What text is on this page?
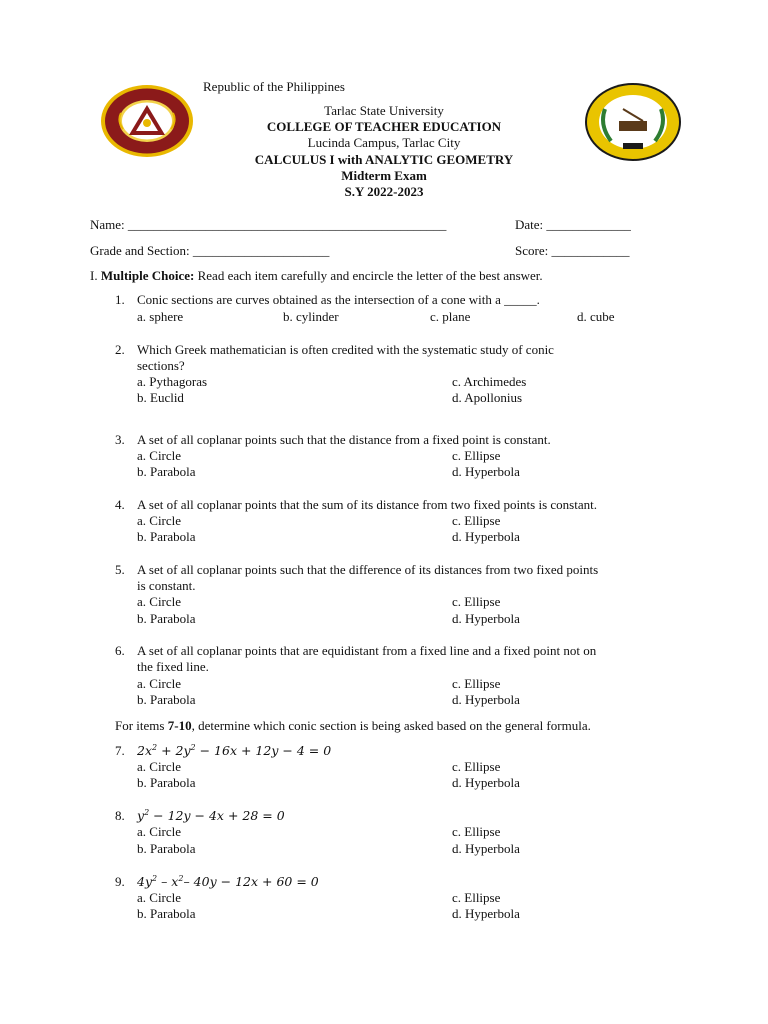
Republic of the Philippines
Tarlac State University
COLLEGE OF TEACHER EDUCATION
Lucinda Campus, Tarlac City
CALCULUS I with ANALYTIC GEOMETRY
Midterm Exam
S.Y 2022-2023
Name: _________________________________________________	Date: _____________
Grade and Section: _____________________	Score: ____________
I. Multiple Choice: Read each item carefully and encircle the letter of the best answer.
1. Conic sections are curves obtained as the intersection of a cone with a _____.
a. sphere	b. cylinder	c. plane	d. cube
2. Which Greek mathematician is often credited with the systematic study of conic
sections?
a. Pythagoras
b. Euclid
c. Archimedes
d. Apollonius
3. A set of all coplanar points such that the distance from a fixed point is constant.
a. Circle
b. Parabola
c. Ellipse
d. Hyperbola
4. A set of all coplanar points that the sum of its distance from two fixed points is constant.
a. Circle
b. Parabola
c. Ellipse
d. Hyperbola
5. A set of all coplanar points such that the difference of its distances from two fixed points
is constant.
a. Circle
b. Parabola
c. Ellipse
d. Hyperbola
6. A set of all coplanar points that are equidistant from a fixed line and a fixed point not on
the fixed line.
a. Circle
b. Parabola
c. Ellipse
d. Hyperbola
For items 7-10, determine which conic section is being asked based on the general formula.
7. $2x^2 + 2y^2 - 16x + 12y - 4 = 0$
a. Circle
b. Parabola
c. Ellipse
d. Hyperbola
8. $y^2 - 12y - 4x + 28 = 0$
a. Circle
b. Parabola
c. Ellipse
d. Hyperbola
9. $4y^2 - x^2-$ 40y − 12x + 60 = 0
a. Circle
b. Parabola
c. Ellipse
d. Hyperbola
